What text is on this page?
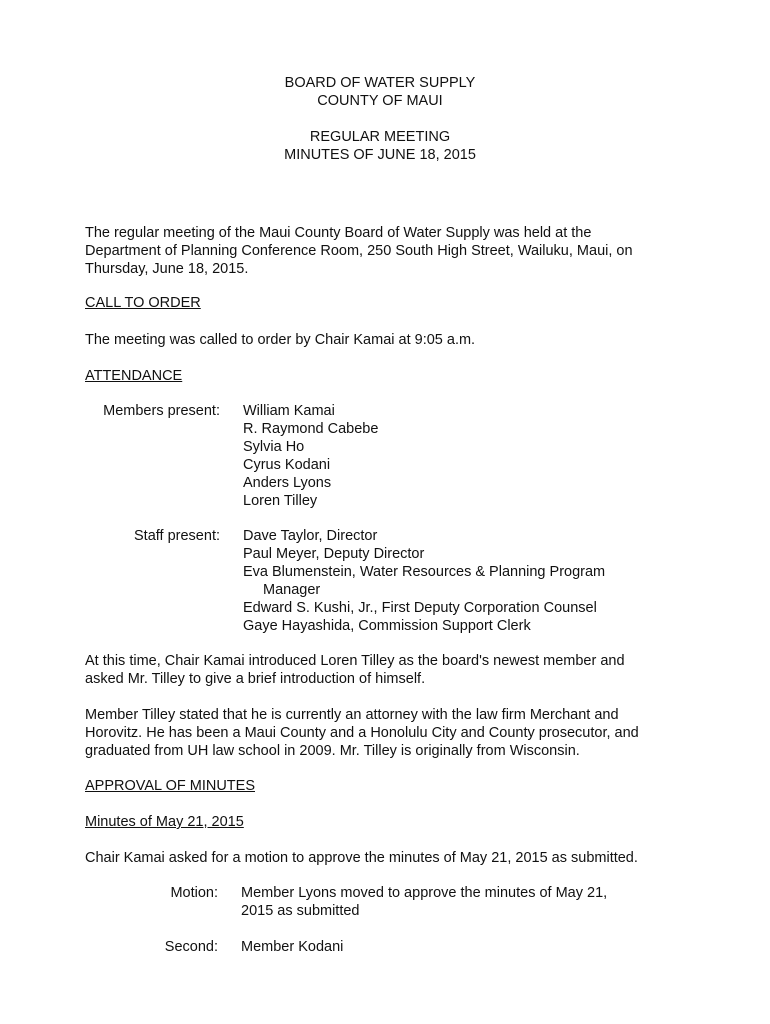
BOARD OF WATER SUPPLY
COUNTY OF MAUI
REGULAR MEETING
MINUTES OF JUNE 18, 2015
The regular meeting of the Maui County Board of Water Supply was held at the
Department of Planning Conference Room, 250 South High Street, Wailuku, Maui, on
Thursday, June 18, 2015.
CALL TO ORDER
The meeting was called to order by Chair Kamai at 9:05 a.m.
ATTENDANCE
Members present: William Kamai
R. Raymond Cabebe
Sylvia Ho
Cyrus Kodani
Anders Lyons
Loren Tilley
Staff present: Dave Taylor, Director
Paul Meyer, Deputy Director
Eva Blumenstein, Water Resources & Planning Program
Manager
Edward S. Kushi, Jr., First Deputy Corporation Counsel
Gaye Hayashida, Commission Support Clerk
At this time, Chair Kamai introduced Loren Tilley as the board's newest member and
asked Mr. Tilley to give a brief introduction of himself.
Member Tilley stated that he is currently an attorney with the law firm Merchant and
Horovitz. He has been a Maui County and a Honolulu City and County prosecutor, and
graduated from UH law school in 2009. Mr. Tilley is originally from Wisconsin.
APPROVAL OF MINUTES
Minutes of May 21, 2015
Chair Kamai asked for a motion to approve the minutes of May 21, 2015 as submitted.
Motion: Member Lyons moved to approve the minutes of May 21,
2015 as submitted
Second: Member Kodani
